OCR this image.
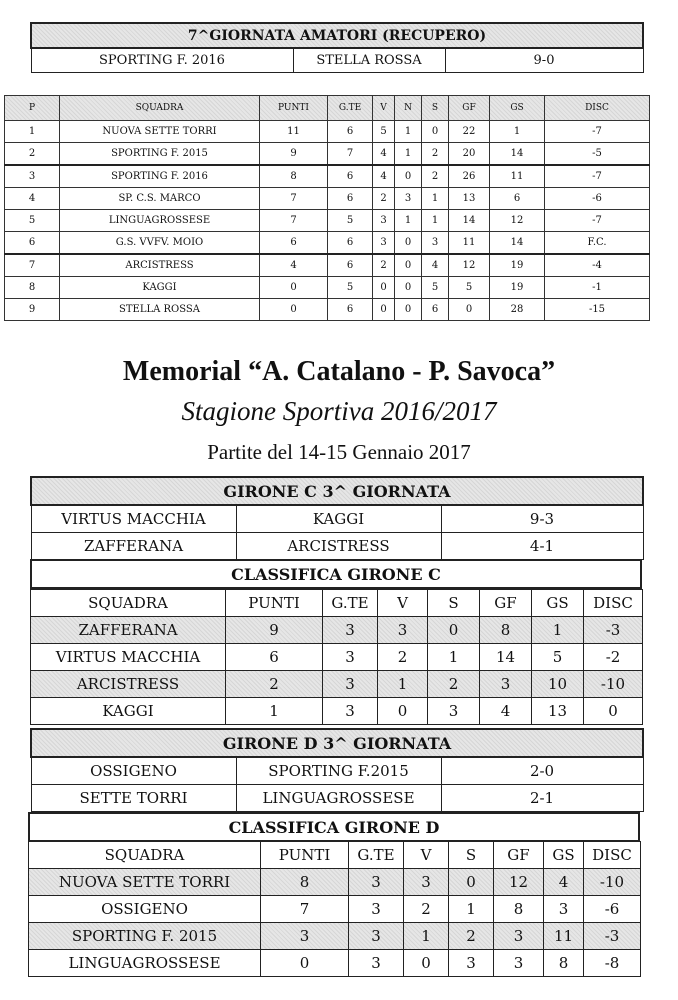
7^GIORNATA AMATORI (RECUPERO)
SPORTING F. 2016	STELLA ROSSA	9-0
P	SQUADRA	PUNTI	G.TE	V	N	S	GF	GS	DISC
1	NUOVA SETTE TORRI	11	6	5	1	0	22	1	-7
2	SPORTING F. 2015	9	7	4	1	2	20	14	-5
3	SPORTING F. 2016	8	6	4	0	2	26	11	-7
4	SP. C.S. MARCO	7	6	2	3	1	13	6	-6
5	LINGUAGROSSESE	7	5	3	1	1	14	12	-7
6	G.S. VVFV. MOIO	6	6	3	0	3	11	14	F.C.
7	ARCISTRESS	4	6	2	0	4	12	19	-4
8	KAGGI	0	5	0	0	5	5	19	-1
9	STELLA ROSSA	0	6	0	0	6	0	28	-15
Memorial “A. Catalano - P. Savoca”
Stagione Sportiva 2016/2017
Partite del 14-15 Gennaio 2017
GIRONE C 3^ GIORNATA		
VIRTUS MACCHIA	KAGGI	9-3
ZAFFERANA	ARCISTRESS	4-1
CLASSIFICA GIRONE C
SQUADRA	PUNTI	G.TE	V	S	GF	GS	DISC
ZAFFERANA	9	3	3	0	8	1	-3
VIRTUS MACCHIA	6	3	2	1	14	5	-2
ARCISTRESS	2	3	1	2	3	10	-10
KAGGI	1	3	0	3	4	13	0
GIRONE D 3^ GIORNATA		
OSSIGENO	SPORTING F.2015	2-0
SETTE TORRI	LINGUAGROSSESE	2-1
CLASSIFICA GIRONE D
SQUADRA	PUNTI	G.TE	V	S	GF	GS	DISC
NUOVA SETTE TORRI	8	3	3	0	12	4	-10
OSSIGENO	7	3	2	1	8	3	-6
SPORTING F. 2015	3	3	1	2	3	11	-3
LINGUAGROSSESE	0	3	0	3	3	8	-8
